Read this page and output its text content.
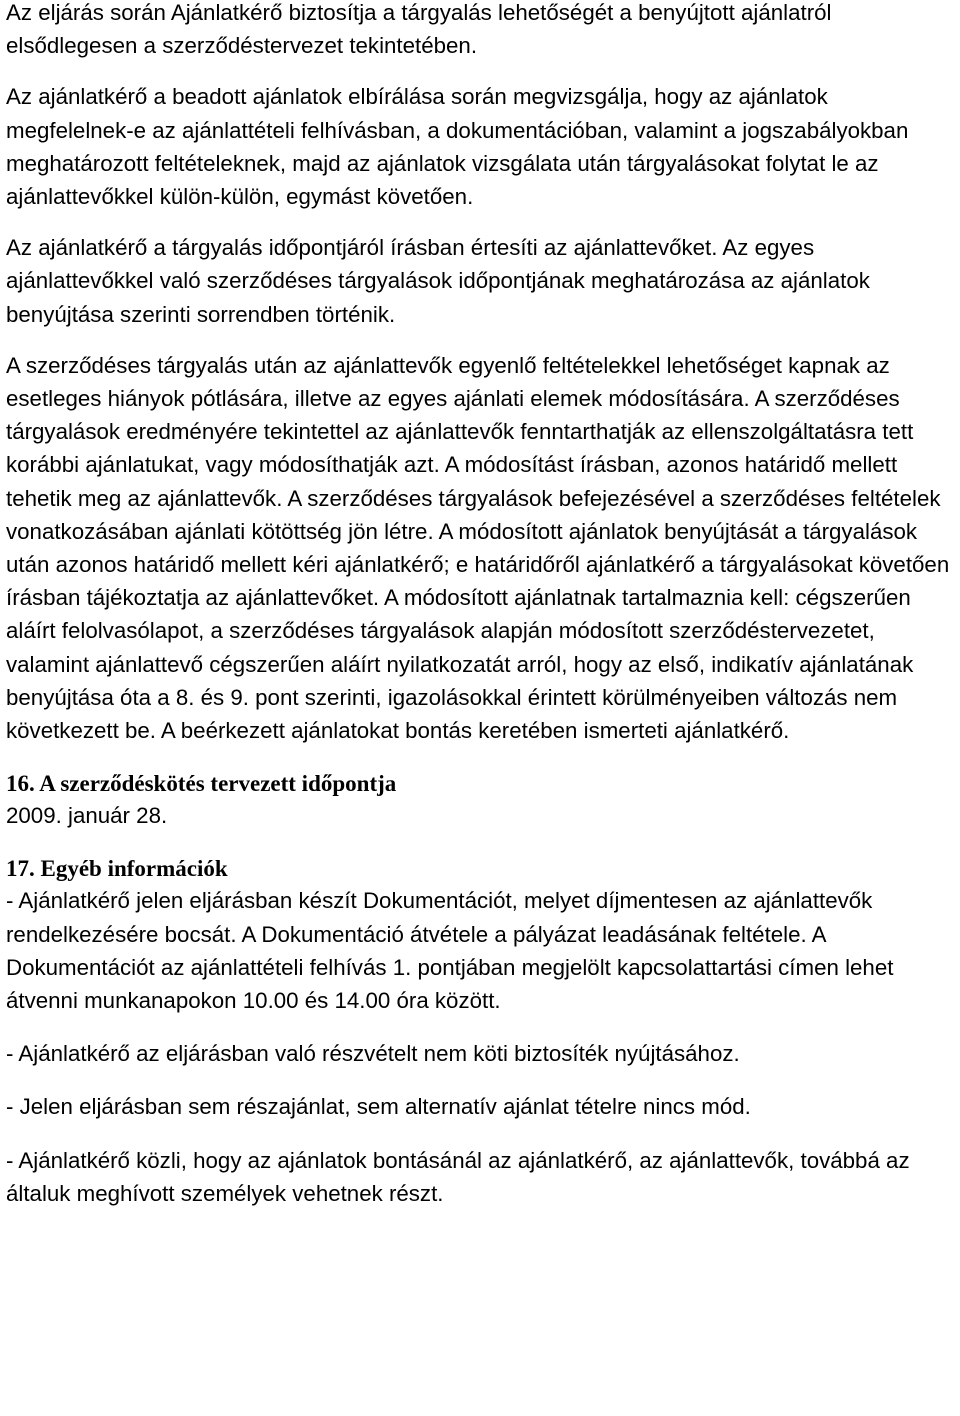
Az eljárás során Ajánlatkérő biztosítja a tárgyalás lehetőségét a benyújtott ajánlatról elsődlegesen a szerződéstervezet tekintetében.

Az ajánlatkérő a beadott ajánlatok elbírálása során megvizsgálja, hogy az ajánlatok megfelelnek-e az ajánlattételi felhívásban, a dokumentációban, valamint a jogszabályokban meghatározott feltételeknek, majd az ajánlatok vizsgálata után tárgyalásokat folytat le az ajánlattevőkkel külön-külön, egymást követően.

Az ajánlatkérő a tárgyalás időpontjáról írásban értesíti az ajánlattevőket. Az egyes ajánlattevőkkel való szerződéses tárgyalások időpontjának meghatározása az ajánlatok benyújtása szerinti sorrendben történik.

A szerződéses tárgyalás után az ajánlattevők egyenlő feltételekkel lehetőséget kapnak az esetleges hiányok pótlására, illetve az egyes ajánlati elemek módosítására. A szerződéses tárgyalások eredményére tekintettel az ajánlattevők fenntarthatják az ellenszolgáltatásra tett korábbi ajánlatukat, vagy módosíthatják azt. A módosítást írásban, azonos határidő mellett tehetik meg az ajánlattevők. A szerződéses tárgyalások befejezésével a szerződéses feltételek vonatkozásában ajánlati kötöttség jön létre. A módosított ajánlatok benyújtását a tárgyalások után azonos határidő mellett kéri ajánlatkérő; e határidőről ajánlatkérő a tárgyalásokat követően írásban tájékoztatja az ajánlattevőket. A módosított ajánlatnak tartalmaznia kell: cégszerűen aláírt felolvasólapot, a szerződéses tárgyalások alapján módosított szerződéstervezetet, valamint ajánlattevő cégszerűen aláírt nyilatkozatát arról, hogy az első, indikatív ajánlatának benyújtása óta a 8. és 9. pont szerinti, igazolásokkal érintett körülményeiben változás nem következett be. A beérkezett ajánlatokat bontás keretében ismerteti ajánlatkérő.

16. A szerződéskötés tervezett időpontja

2009. január 28.

17. Egyéb információk

- Ajánlatkérő jelen eljárásban készít Dokumentációt, melyet díjmentesen az ajánlattevők rendelkezésére bocsát. A Dokumentáció átvétele a pályázat leadásának feltétele. A Dokumentációt az ajánlattételi felhívás 1. pontjában megjelölt kapcsolattartási címen lehet átvenni munkanapokon 10.00 és 14.00 óra között.

- Ajánlatkérő az eljárásban való részvételt nem köti biztosíték nyújtásához.

- Jelen eljárásban sem részajánlat, sem alternatív ajánlat tételre nincs mód.

- Ajánlatkérő közli, hogy az ajánlatok bontásánál az ajánlatkérő, az ajánlattevők, továbbá az általuk meghívott személyek vehetnek részt.
